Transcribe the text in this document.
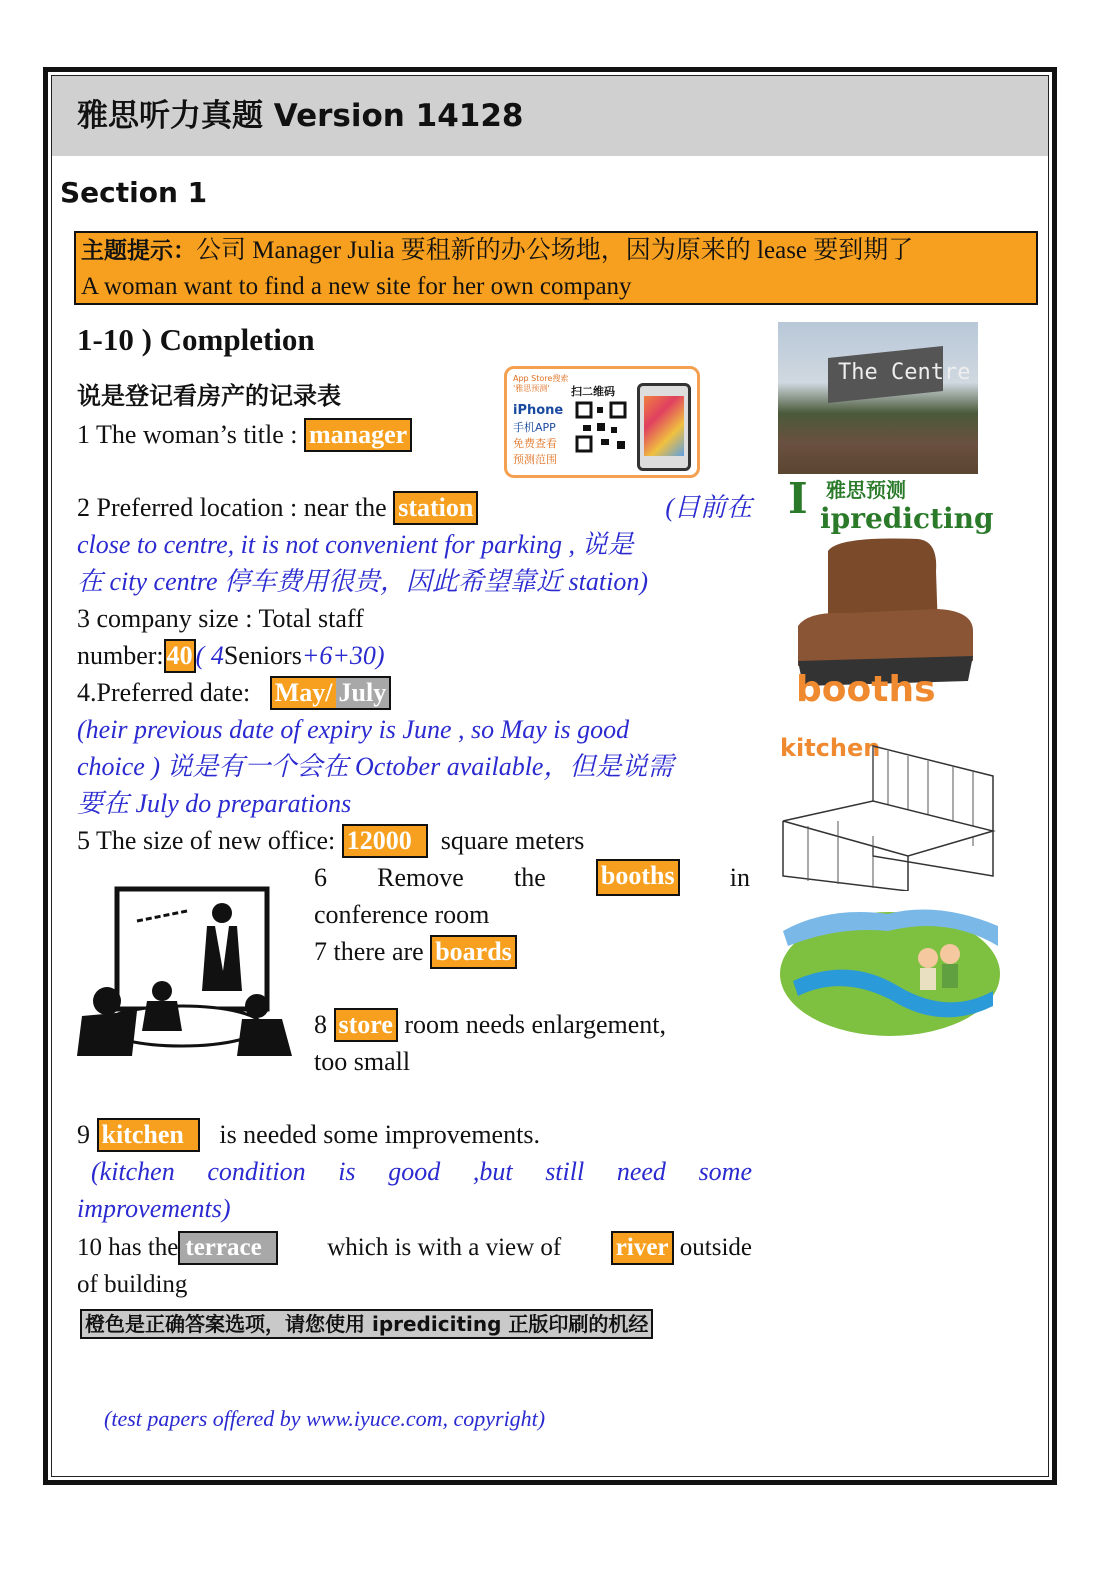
雅思听力真题 Version 14128
Section 1
主题提示：公司 Manager Julia 要租新的办公场地，因为原来的 lease 要到期了
A woman want to find a new site for her own company
1-10 ) Completion
说是登记看房产的记录表
1 The woman’s title : manager
2 Preferred location : near the station	(目前在
close to centre, it is not convenient for parking , 说是
在 city centre 停车费用很贵，因此希望靠近 station)
3 company size : Total staff
number: 40 ( 4Seniors+6+30)
4.Preferred date: May/ July
(heir previous date of expiry is June , so May is good
choice ) 说是有一个会在 October available，但是说需
要在 July do preparations
5 The size of new office: 12000 square meters
6 Remove the booths in
conference room
7 there are boards
8 store room needs enlargement,
too small
9 kitchen is needed some improvements.
(kitchen condition is good ,but still need some
improvements)
10 has the terrace	which is with a view of river outside
of building
橙色是正确答案选项，请您使用 iprediciting 正版印刷的机经
(test papers offered by www.iyuce.com, copyright)
App Store搜索
'雅思预测' 扫二维码
iPhone
手机APP
免费查看
预测范围
The Centre
I 雅思预测
ipredicting
booths
kitchen
